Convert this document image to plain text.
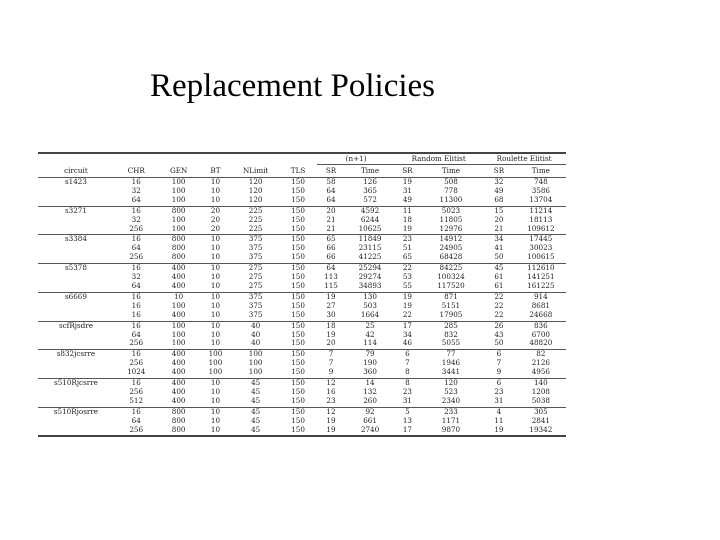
Replacement Policies
						(n+1)		Random Elitist		Roulette Elitist	
circuit	CHR	GEN	BT	NLimit	TLS	SR	Time	SR	Time	SR	Time
s1423	16	100	10	120	150	58	126	19	508	32	748
	32	100	10	120	150	64	365	31	778	49	3586
	64	100	10	120	150	64	572	49	11300	68	13704
s3271	16	800	20	225	150	20	4592	11	5023	15	11214
	32	100	20	225	150	21	6244	18	11805	20	18113
	256	100	20	225	150	21	10625	19	12976	21	109612
s3384	16	800	10	375	150	65	11849	23	14912	34	17445
	64	800	10	375	150	66	23115	51	24905	41	30023
	256	800	10	375	150	66	41225	65	68428	50	100615
s5378	16	400	10	275	150	64	25294	22	84225	45	112610
	32	400	10	275	150	113	29274	53	100324	61	141251
	64	400	10	275	150	115	34893	55	117520	61	161225
s6669	16	10	10	375	150	19	130	19	871	22	914
	16	100	10	375	150	27	503	19	5151	22	8681
	16	400	10	375	150	30	1664	22	17905	22	24668
scfRjsdre	16	100	10	40	150	18	25	17	285	26	836
	64	100	10	40	150	19	42	34	832	43	6700
	256	100	10	40	150	20	114	46	5055	50	48820
s832jcsrre	16	400	100	100	150	7	79	6	77	6	82
	256	400	100	100	150	7	190	7	1946	7	2126
	1024	400	100	100	150	9	360	8	3441	9	4956
s510Rjcsrre	16	400	10	45	150	12	14	8	120	6	140
	256	400	10	45	150	16	132	23	523	23	1208
	512	400	10	45	150	23	260	31	2340	31	5038
s510Rjosrre	16	800	10	45	150	12	92	5	233	4	305
	64	800	10	45	150	19	661	13	1171	11	2841
	256	800	10	45	150	19	2740	17	9870	19	19342
